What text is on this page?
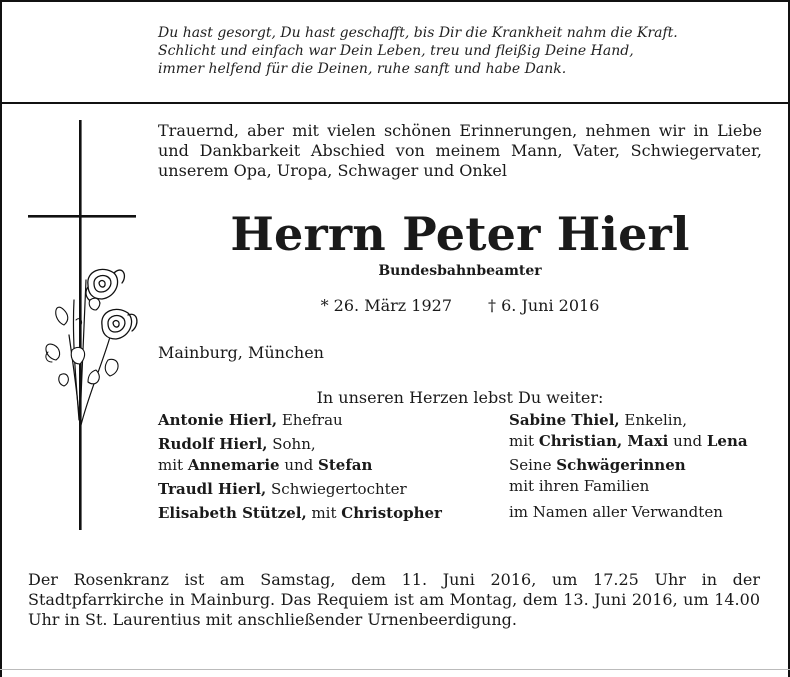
Du hast gesorgt, Du hast geschafft, bis Dir die Krankheit nahm die Kraft.
Schlicht und einfach war Dein Leben, treu und fleißig Deine Hand,
immer helfend für die Deinen, ruhe sanft und habe Dank.
Trauernd, aber mit vielen schönen Erinnerungen, nehmen wir in Liebe und Dankbarkeit Abschied von meinem Mann, Vater, Schwiegervater, unserem Opa, Uropa, Schwager und Onkel
Herrn Peter Hierl
Bundesbahnbeamter
* 26. März 1927 † 6. Juni 2016
Mainburg, München
In unseren Herzen lebst Du weiter:
Antonie Hierl, Ehefrau
Rudolf Hierl, Sohn,
mit Annemarie und Stefan
Traudl Hierl, Schwiegertochter
Elisabeth Stützel, mit Christopher
Sabine Thiel, Enkelin,
mit Christian, Maxi und Lena
Seine Schwägerinnen
mit ihren Familien
im Namen aller Verwandten
Der Rosenkranz ist am Samstag, dem 11. Juni 2016, um 17.25 Uhr in der Stadtpfarrkirche in Mainburg. Das Requiem ist am Montag, dem 13. Juni 2016, um 14.00 Uhr in St. Laurentius mit anschließender Urnenbeerdigung.
